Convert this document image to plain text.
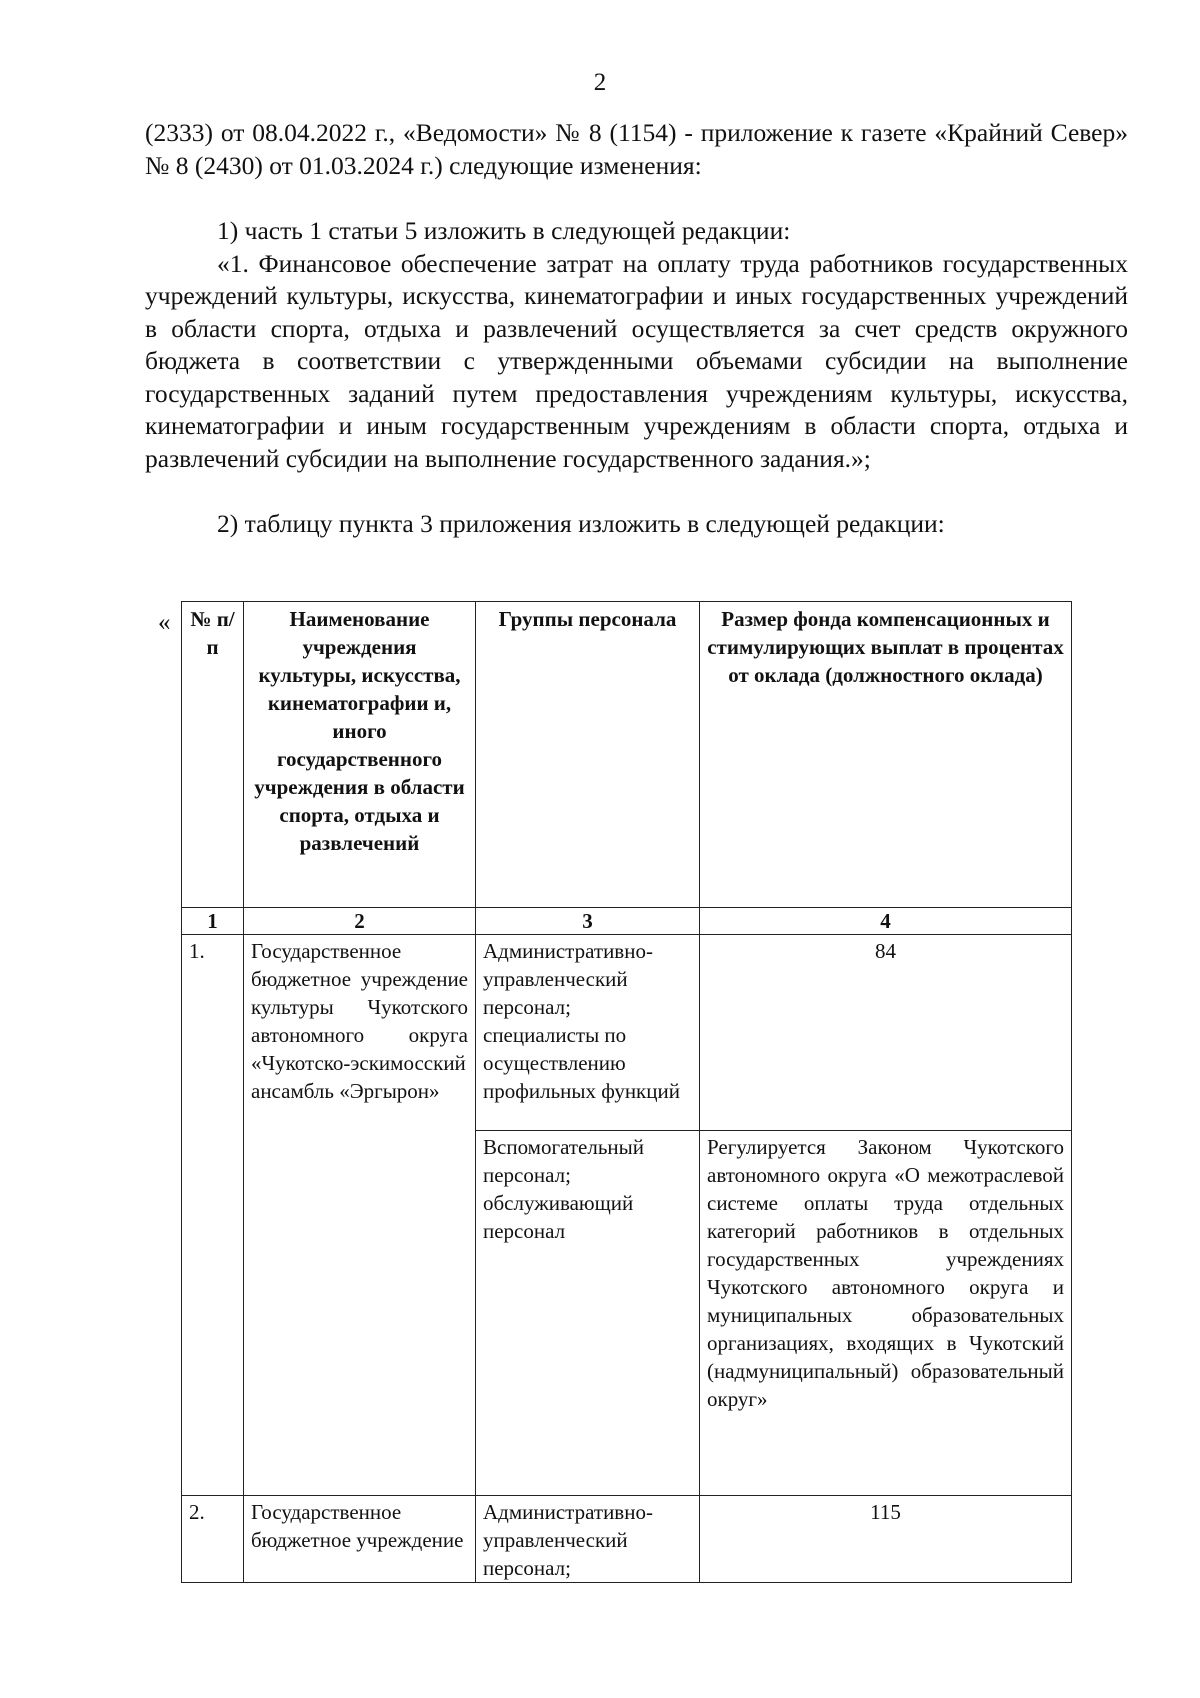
2

(2333) от 08.04.2022 г., «Ведомости» № 8 (1154) - приложение к газете «Крайний Север» № 8 (2430) от 01.03.2024 г.) следующие изменения:

1) часть 1 статьи 5 изложить в следующей редакции:

«1. Финансовое обеспечение затрат на оплату труда работников государственных учреждений культуры, искусства, кинематографии и иных государственных учреждений в области спорта, отдыха и развлечений осуществляется за счет средств окружного бюджета в соответствии с утвержденными объемами субсидии на выполнение государственных заданий путем предоставления учреждениям культуры, искусства, кинематографии и иным государственным учреждениям в области спорта, отдыха и развлечений субсидии на выполнение государственного задания.»;

2) таблицу пункта 3 приложения изложить в следующей редакции:

« № п/п	Наименование учреждения культуры, искусства, кинематографии и, иного государственного учреждения в области спорта, отдыха и развлечений	Группы персонала	Размер фонда компенсационных и стимулирующих выплат в процентах от оклада (должностного оклада)
1	2	3	4
1.	Государственное бюджетное учреждение культуры Чукотского автономного округа «Чукотско-эскимосский ансамбль «Эргырон»	Административно-управленческий персонал; специалисты по осуществлению профильных функций	84
		Вспомогательный персонал; обслуживающий персонал	Регулируется Законом Чукотского автономного округа «О межотраслевой системе оплаты труда отдельных категорий работников в отдельных государственных учреждениях Чукотского автономного округа и муниципальных образовательных организациях, входящих в Чукотский (надмуниципальный) образовательный округ»
2.	Государственное бюджетное учреждение	Административно-управленческий персонал;	115
